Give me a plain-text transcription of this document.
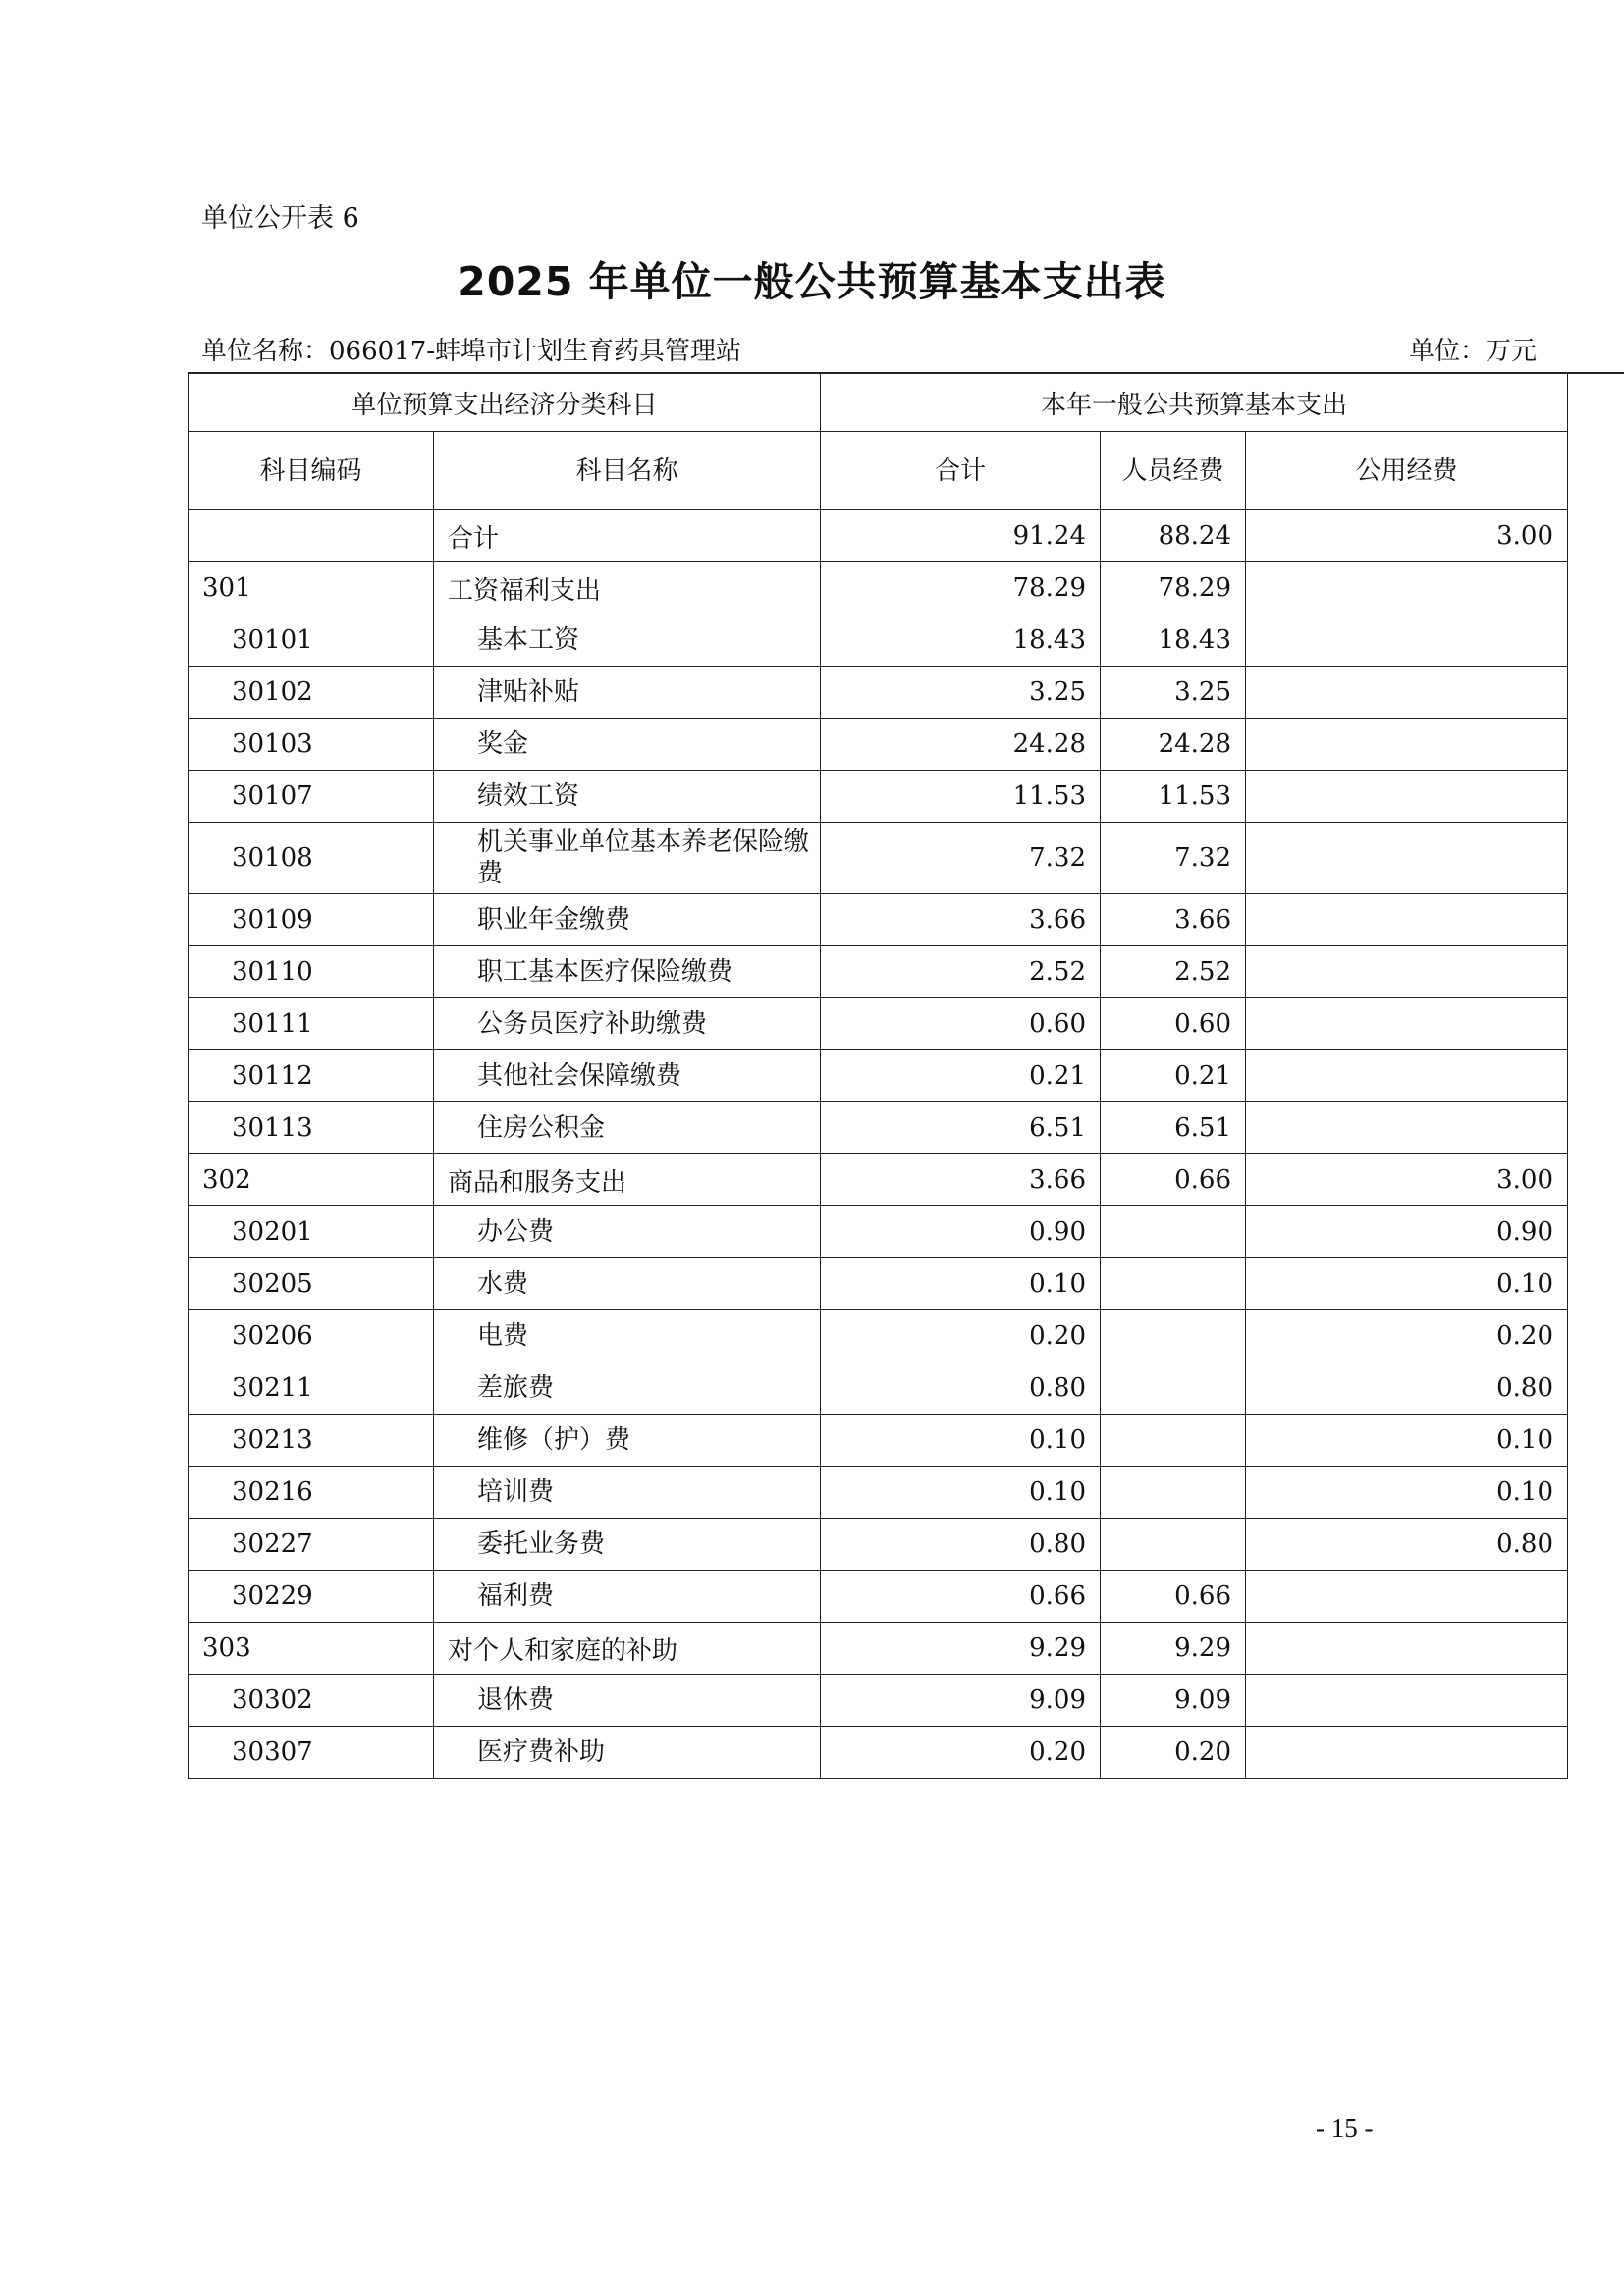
单位公开表 6
2025 年单位一般公共预算基本支出表
单位名称：066017-蚌埠市计划生育药具管理站	单位：万元
单位预算支出经济分类科目		本年一般公共预算基本支出		
科目编码	科目名称	合计	人员经费	公用经费
	合计	91.24	88.24	3.00
301	工资福利支出	78.29	78.29	
30101	基本工资	18.43	18.43	
30102	津贴补贴	3.25	3.25	
30103	奖金	24.28	24.28	
30107	绩效工资	11.53	11.53	
30108	机关事业单位基本养老保险缴费	7.32	7.32	
30109	职业年金缴费	3.66	3.66	
30110	职工基本医疗保险缴费	2.52	2.52	
30111	公务员医疗补助缴费	0.60	0.60	
30112	其他社会保障缴费	0.21	0.21	
30113	住房公积金	6.51	6.51	
302	商品和服务支出	3.66	0.66	3.00
30201	办公费	0.90		0.90
30205	水费	0.10		0.10
30206	电费	0.20		0.20
30211	差旅费	0.80		0.80
30213	维修（护）费	0.10		0.10
30216	培训费	0.10		0.10
30227	委托业务费	0.80		0.80
30229	福利费	0.66	0.66	
303	对个人和家庭的补助	9.29	9.29	
30302	退休费	9.09	9.09	
30307	医疗费补助	0.20	0.20	
- 15 -
